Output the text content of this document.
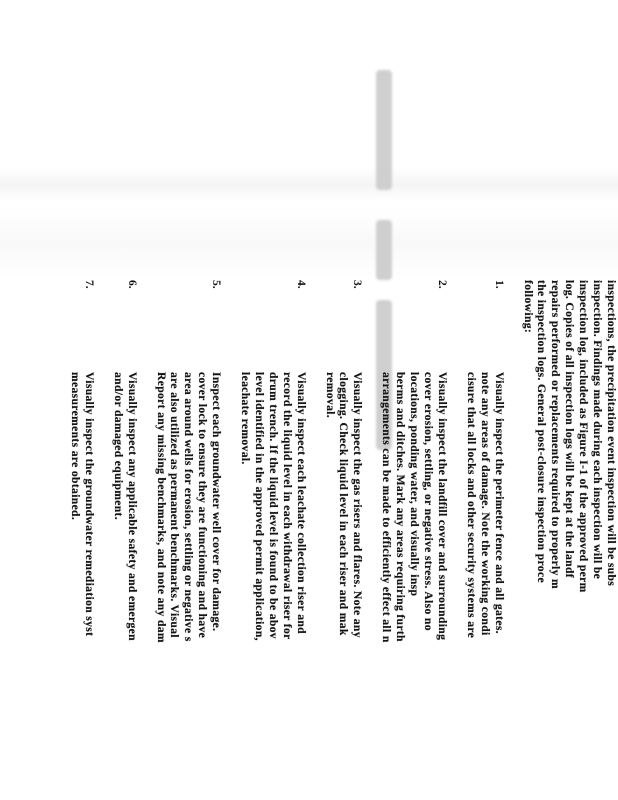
inspections, the precipitation event inspection will be subs
inspection. Findings made during each inspection will be
inspection log, included as Figure I-1 of the approved perm
log. Copies of all inspection logs will be kept at the landf
repairs performed or replacements required to properly m
the inspection logs. General post-closure inspection proce
following:
1.
Visually inspect the perimeter fence and all gates.
note any areas of damage. Note the working condi
cisure that all locks and other security systems are
2.
Visually inspect the landfill cover and surrounding
cover erosion, settling, or negative stress. Also no
locations, ponding water, and visually insp
berms and ditches. Mark any areas requiring furth
arrangements can be made to efficiently effect all n
3.
Visually inspect the gas risers and flares. Note any
clogging. Check liquid level in each riser and mak
removal.
4.
Visually inspect each leachate collection riser and
record the liquid level in each withdrawal riser for
drum trench. If the liquid level is found to be abov
level identified in the approved permit application,
leachate removal.
5.
Inspect each groundwater well cover for damage.
cover lock to ensure they are functioning and have
area around wells for erosion, settling or negative s
are also utilized as permanent benchmarks. Visual
Report any missing benchmarks, and note any dam
6.
Visually inspect any applicable safety and emergen
and/or damaged equipment.
7.
Visually inspect the groundwater remediation syst
measurements are obtained.
